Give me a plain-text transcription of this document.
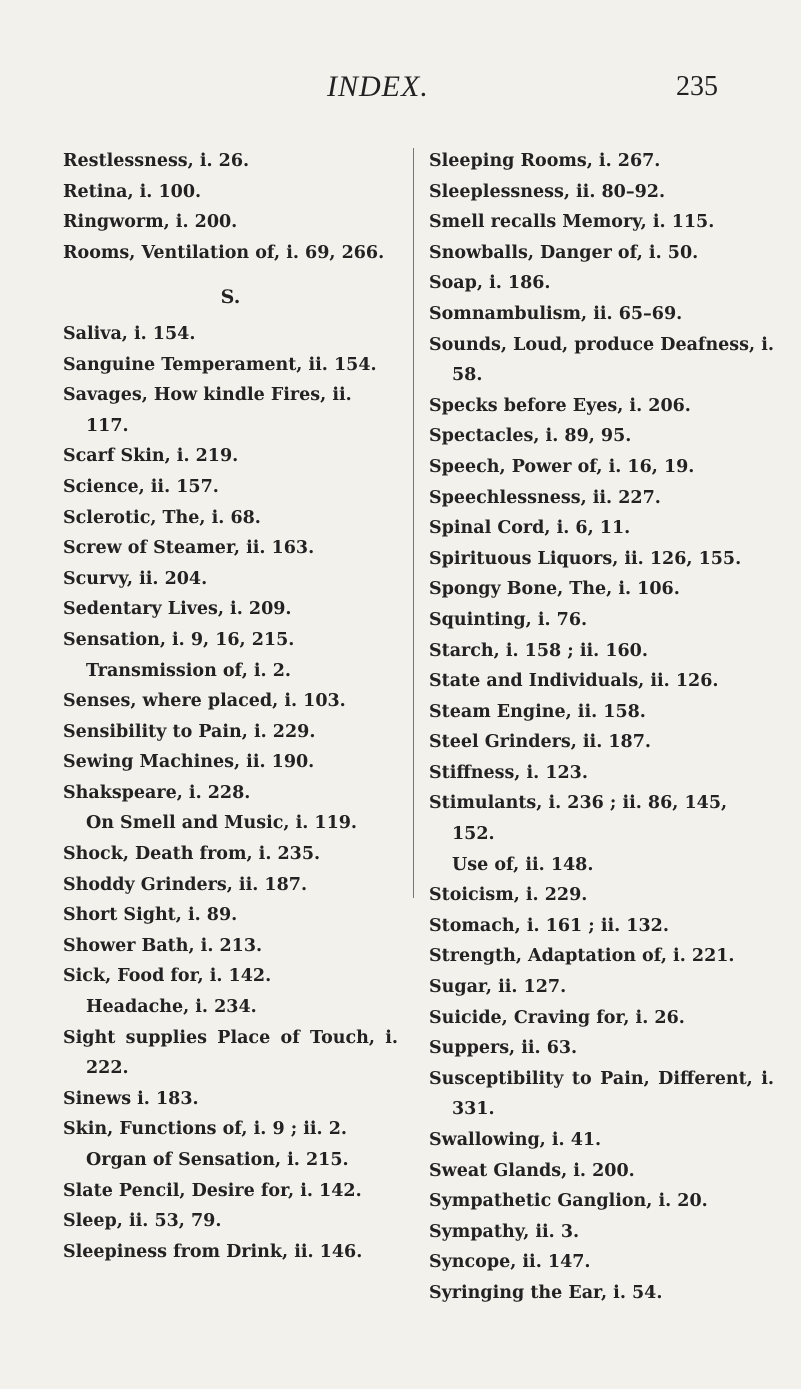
INDEX.	235
Restlessness, i. 26.
Retina, i. 100.
Ringworm, i. 200.
Rooms, Ventilation of, i. 69, 266.
S.
Saliva, i. 154.
Sanguine Temperament, ii. 154.
Savages, How kindle Fires, ii. 117.
Scarf Skin, i. 219.
Science, ii. 157.
Sclerotic, The, i. 68.
Screw of Steamer, ii. 163.
Scurvy, ii. 204.
Sedentary Lives, i. 209.
Sensation, i. 9, 16, 215.
Transmission of, i. 2.
Senses, where placed, i. 103.
Sensibility to Pain, i. 229.
Sewing Machines, ii. 190.
Shakspeare, i. 228.
On Smell and Music, i. 119.
Shock, Death from, i. 235.
Shoddy Grinders, ii. 187.
Short Sight, i. 89.
Shower Bath, i. 213.
Sick, Food for, i. 142.
Headache, i. 234.
Sight supplies Place of Touch, i. 222.
Sinews i. 183.
Skin, Functions of, i. 9 ; ii. 2.
Organ of Sensation, i. 215.
Slate Pencil, Desire for, i. 142.
Sleep, ii. 53, 79.
Sleepiness from Drink, ii. 146.
Sleeping Rooms, i. 267.
Sleeplessness, ii. 80–92.
Smell recalls Memory, i. 115.
Snowballs, Danger of, i. 50.
Soap, i. 186.
Somnambulism, ii. 65–69.
Sounds, Loud, produce Deafness, i. 58.
Specks before Eyes, i. 206.
Spectacles, i. 89, 95.
Speech, Power of, i. 16, 19.
Speechlessness, ii. 227.
Spinal Cord, i. 6, 11.
Spirituous Liquors, ii. 126, 155.
Spongy Bone, The, i. 106.
Squinting, i. 76.
Starch, i. 158 ; ii. 160.
State and Individuals, ii. 126.
Steam Engine, ii. 158.
Steel Grinders, ii. 187.
Stiffness, i. 123.
Stimulants, i. 236 ; ii. 86, 145, 152.
Use of, ii. 148.
Stoicism, i. 229.
Stomach, i. 161 ; ii. 132.
Strength, Adaptation of, i. 221.
Sugar, ii. 127.
Suicide, Craving for, i. 26.
Suppers, ii. 63.
Susceptibility to Pain, Different, i. 331.
Swallowing, i. 41.
Sweat Glands, i. 200.
Sympathetic Ganglion, i. 20.
Sympathy, ii. 3.
Syncope, ii. 147.
Syringing the Ear, i. 54.
